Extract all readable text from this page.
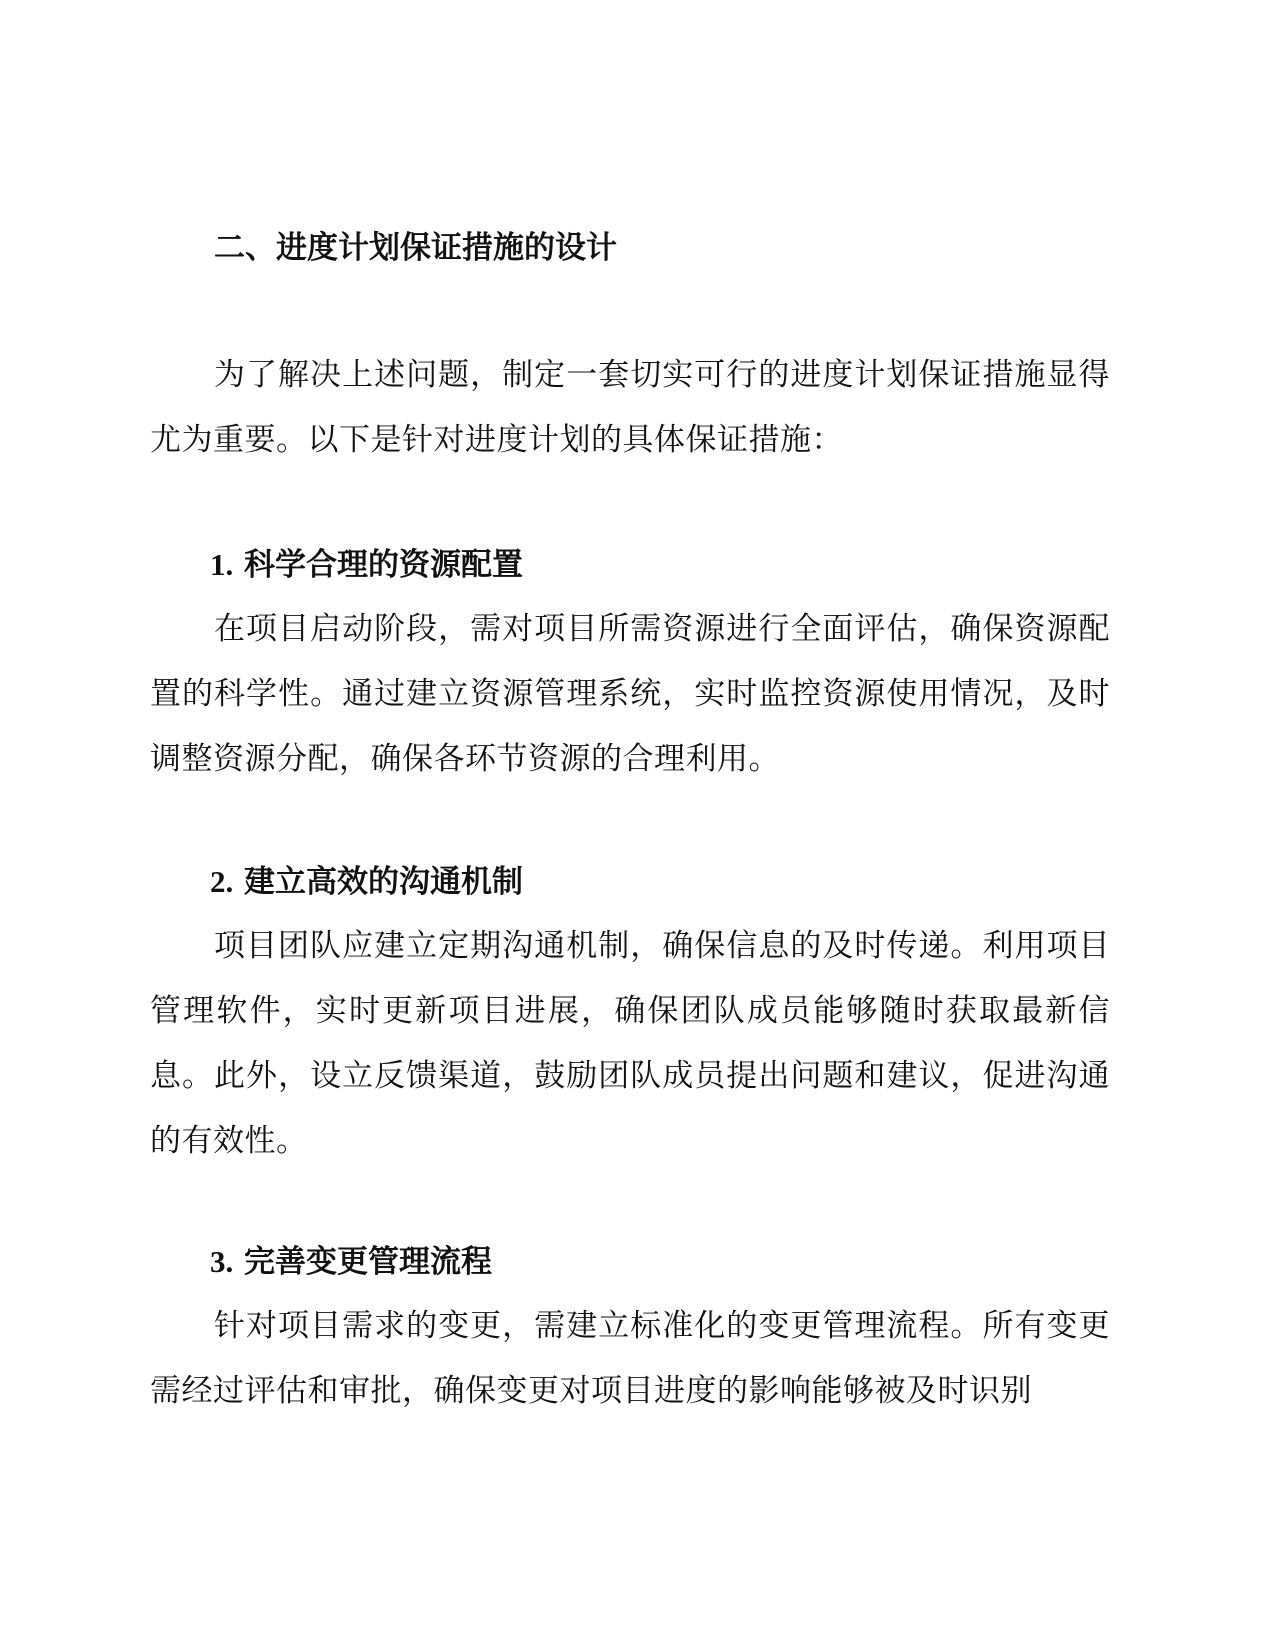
二、进度计划保证措施的设计

为了解决上述问题，制定一套切实可行的进度计划保证措施显得尤为重要。以下是针对进度计划的具体保证措施：

1. 科学合理的资源配置

在项目启动阶段，需对项目所需资源进行全面评估，确保资源配置的科学性。通过建立资源管理系统，实时监控资源使用情况，及时调整资源分配，确保各环节资源的合理利用。

2. 建立高效的沟通机制

项目团队应建立定期沟通机制，确保信息的及时传递。利用项目管理软件，实时更新项目进展，确保团队成员能够随时获取最新信息。此外，设立反馈渠道，鼓励团队成员提出问题和建议，促进沟通的有效性。

3. 完善变更管理流程

针对项目需求的变更，需建立标准化的变更管理流程。所有变更需经过评估和审批，确保变更对项目进度的影响能够被及时识别
